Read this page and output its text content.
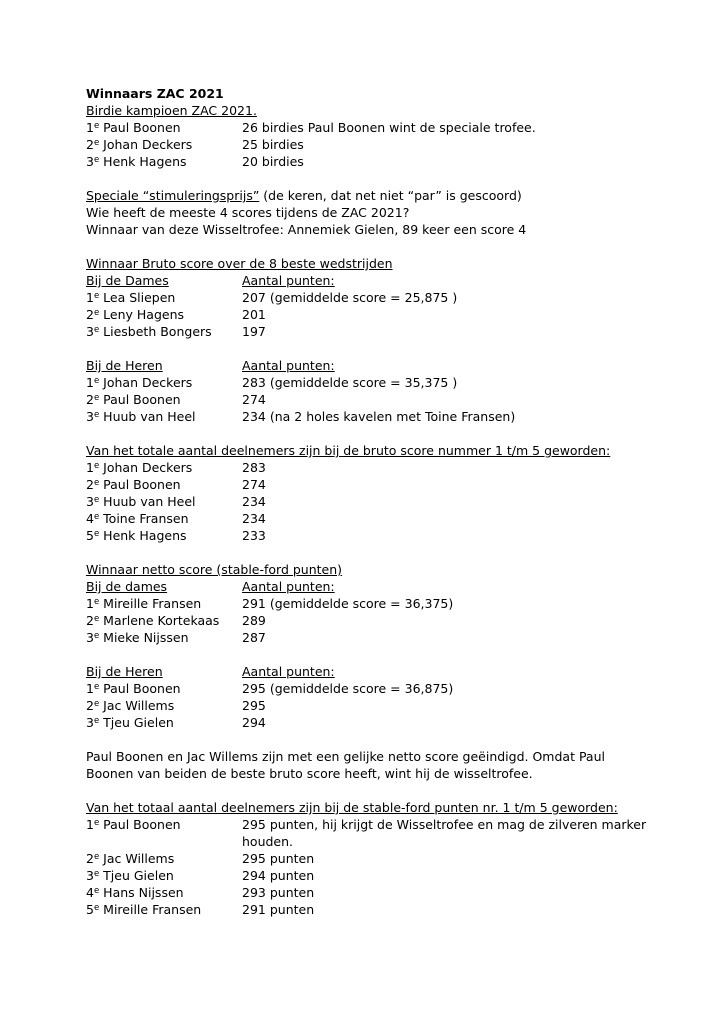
Winnaars ZAC 2021
Birdie kampioen ZAC 2021.
1e Paul Boonen	26 birdies Paul Boonen wint de speciale trofee.
2e Johan Deckers	25 birdies
3e Henk Hagens	20 birdies
Speciale “stimuleringsprijs” (de keren, dat net niet “par” is gescoord)
Wie heeft de meeste 4 scores tijdens de ZAC 2021?
Winnaar van deze Wisseltrofee: Annemiek Gielen, 89 keer een score 4
Winnaar Bruto score over de 8 beste wedstrijden
Bij de Dames	Aantal punten:
1e Lea Sliepen	207 (gemiddelde score = 25,875 )
2e Leny Hagens	201
3e Liesbeth Bongers	197
Bij de Heren	Aantal punten:
1e Johan Deckers	283 (gemiddelde score = 35,375 )
2e Paul Boonen	274
3e Huub van Heel	234 (na 2 holes kavelen met Toine Fransen)
Van het totale aantal deelnemers zijn bij de bruto score nummer 1 t/m 5 geworden:
1e Johan Deckers	283
2e Paul Boonen	274
3e Huub van Heel	234
4e Toine Fransen	234
5e Henk Hagens	233
Winnaar netto score (stable-ford punten)
Bij de dames	Aantal punten:
1e Mireille Fransen	291 (gemiddelde score = 36,375)
2e Marlene Kortekaas	289
3e Mieke Nijssen	287
Bij de Heren	Aantal punten:
1e Paul Boonen	295 (gemiddelde score = 36,875)
2e Jac Willems	295
3e Tjeu Gielen	294
Paul Boonen en Jac Willems zijn met een gelijke netto score geëindigd. Omdat Paul Boonen van beiden de beste bruto score heeft, wint hij de wisseltrofee.
Van het totaal aantal deelnemers zijn bij de stable-ford punten nr. 1 t/m 5 geworden:
1e Paul Boonen	295 punten, hij krijgt de Wisseltrofee en mag de zilveren marker houden.
2e Jac Willems	295 punten
3e Tjeu Gielen	294 punten
4e Hans Nijssen	293 punten
5e Mireille Fransen	291 punten
